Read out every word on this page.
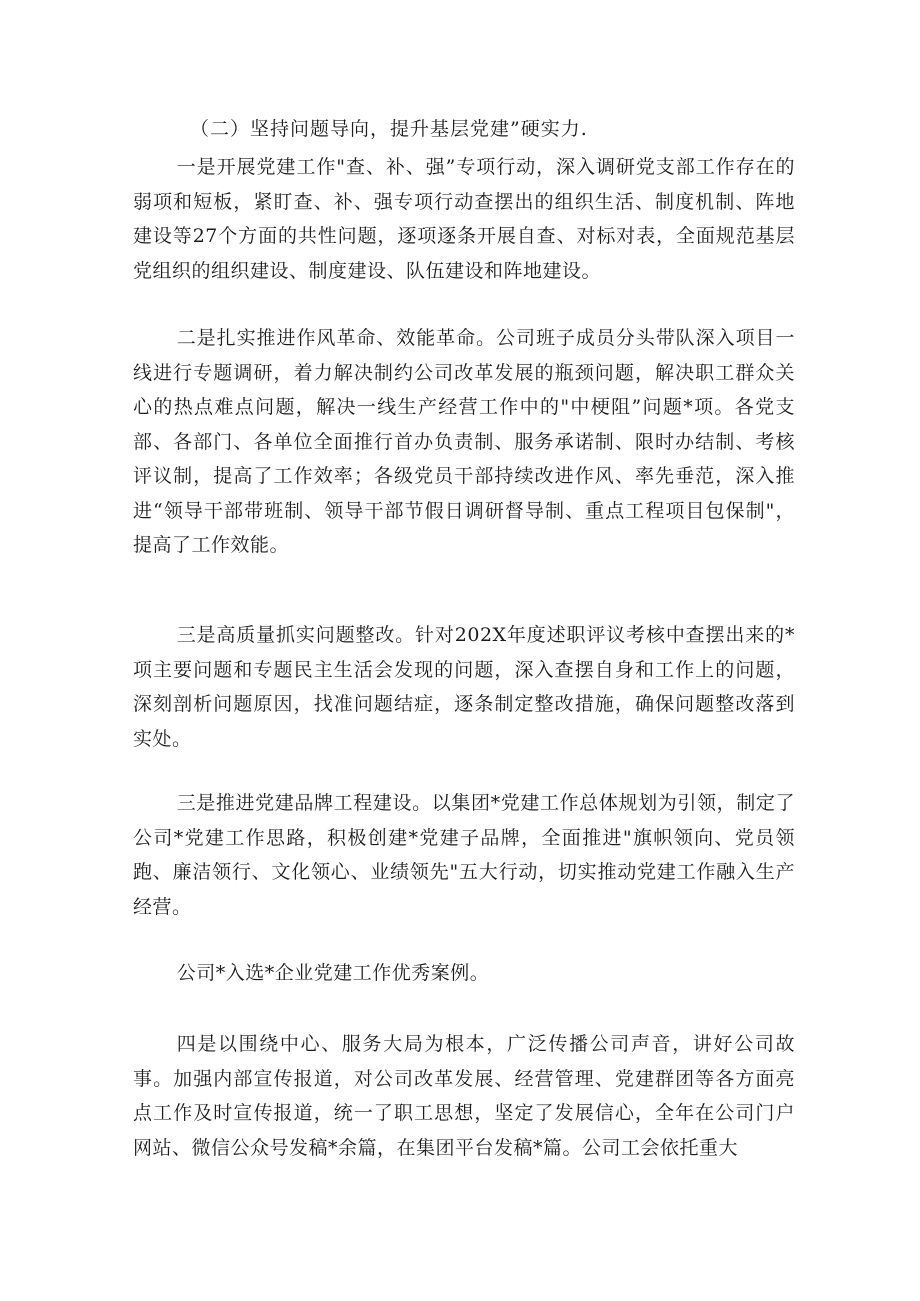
（二）坚持问题导向，提升基层党建”硬实力.

一是开展党建工作"查、补、强”专项行动，深入调研党支部工作存在的弱项和短板，紧盯查、补、强专项行动查摆出的组织生活、制度机制、阵地建设等27个方面的共性问题，逐项逐条开展自查、对标对表，全面规范基层党组织的组织建设、制度建设、队伍建设和阵地建设。

二是扎实推进作风革命、效能革命。公司班子成员分头带队深入项目一线进行专题调研，着力解决制约公司改革发展的瓶颈问题，解决职工群众关心的热点难点问题，解决一线生产经营工作中的"中梗阻”问题*项。各党支部、各部门、各单位全面推行首办负责制、服务承诺制、限时办结制、考核评议制，提高了工作效率；各级党员干部持续改进作风、率先垂范，深入推进“领导干部带班制、领导干部节假日调研督导制、重点工程项目包保制"，提高了工作效能。

三是高质量抓实问题整改。针对202X年度述职评议考核中查摆出来的*项主要问题和专题民主生活会发现的问题，深入查摆自身和工作上的问题，深刻剖析问题原因，找准问题结症，逐条制定整改措施，确保问题整改落到实处。

三是推进党建品牌工程建设。以集团*党建工作总体规划为引领，制定了公司*党建工作思路，积极创建*党建子品牌，全面推进"旗帜领向、党员领跑、廉洁领行、文化领心、业绩领先"五大行动，切实推动党建工作融入生产经营。

公司*入选*企业党建工作优秀案例。

四是以围绕中心、服务大局为根本，广泛传播公司声音，讲好公司故事。加强内部宣传报道，对公司改革发展、经营管理、党建群团等各方面亮点工作及时宣传报道，统一了职工思想，坚定了发展信心，全年在公司门户网站、微信公众号发稿*余篇，在集团平台发稿*篇。公司工会依托重大
